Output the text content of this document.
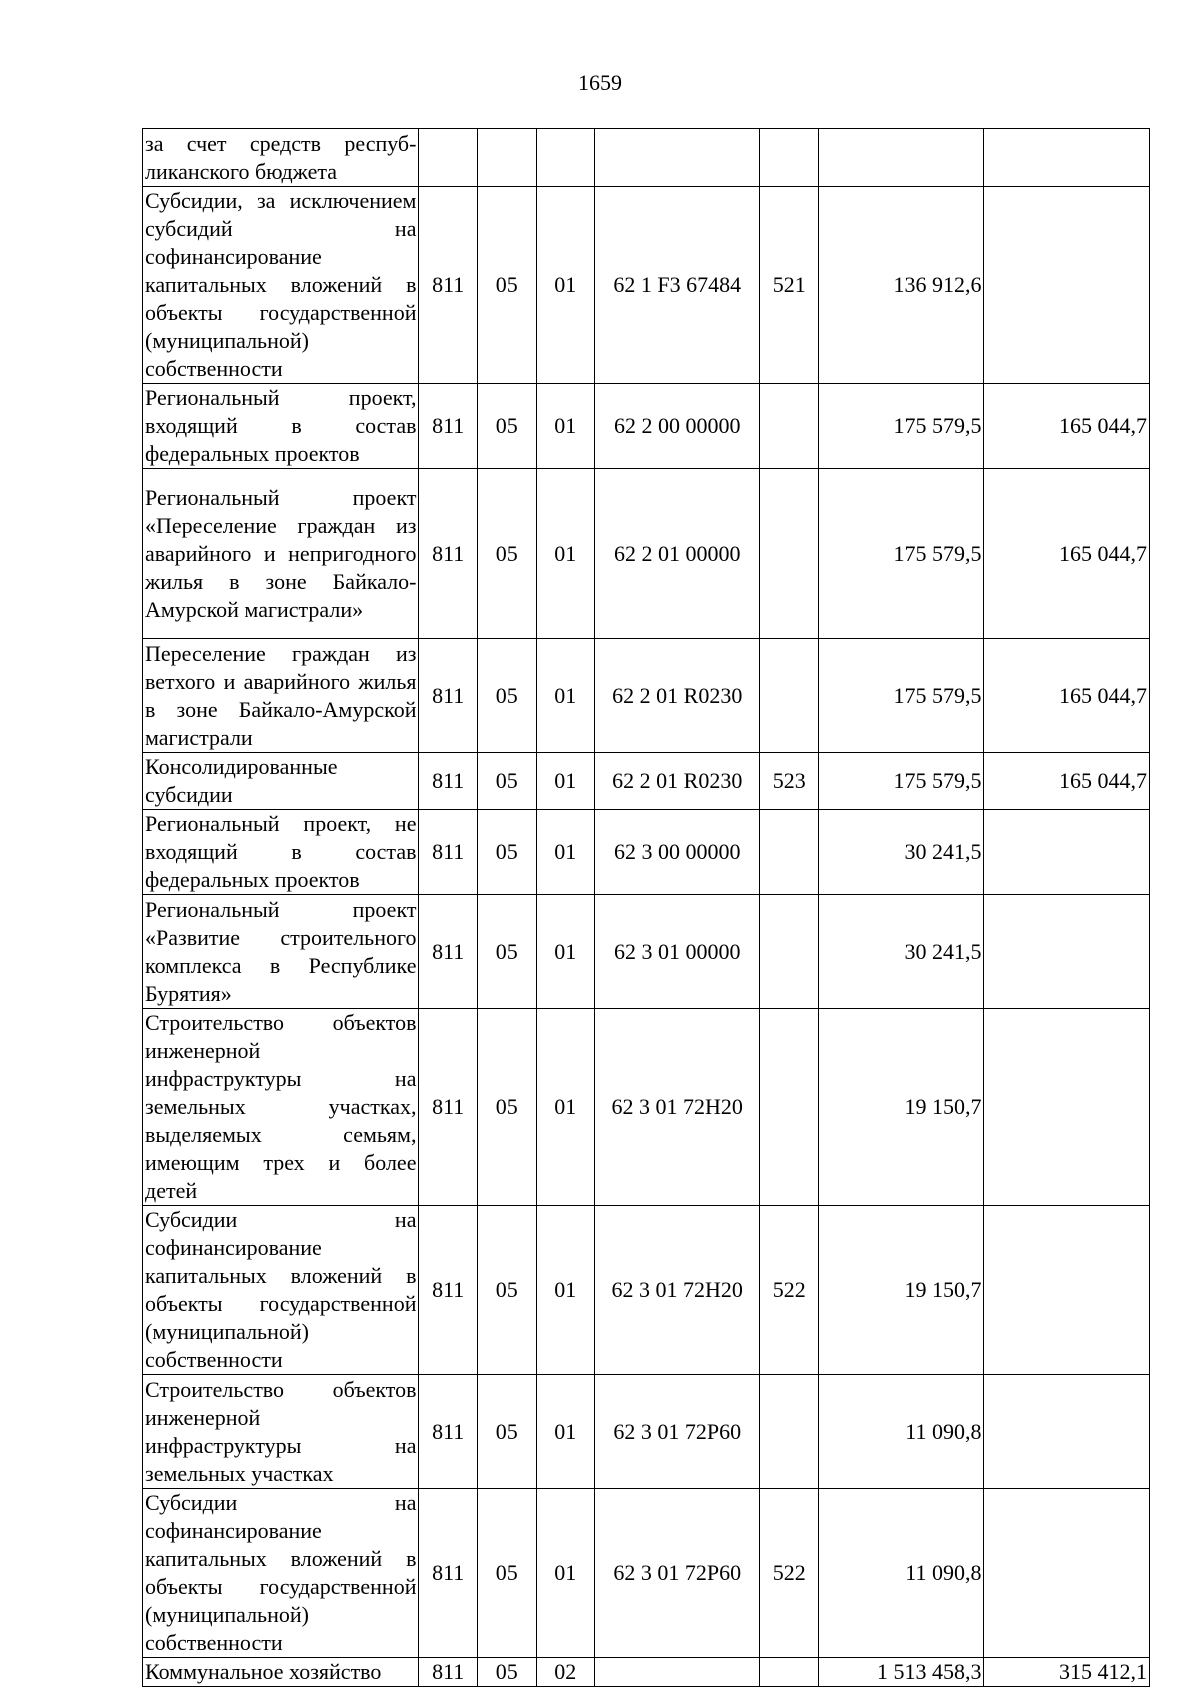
1659
за счет средств респуб-ликанского бюджета							
Субсидии, за исключением субсидий на софинансирование капитальных вложений в объекты государственной (муниципальной) собственности	811	05	01	62 1 F3 67484	521	136 912,6	
Региональный проект, входящий в состав федеральных проектов	811	05	01	62 2 00 00000		175 579,5	165 044,7
Региональный проект «Переселение граждан из аварийного и непригодного жилья в зоне Байкало-Амурской магистрали»	811	05	01	62 2 01 00000		175 579,5	165 044,7
Переселение граждан из ветхого и аварийного жилья в зоне Байкало-Амурской магистрали	811	05	01	62 2 01 R0230		175 579,5	165 044,7
Консолидированные субсидии	811	05	01	62 2 01 R0230	523	175 579,5	165 044,7
Региональный проект, не входящий в состав федеральных проектов	811	05	01	62 3 00 00000		30 241,5	
Региональный проект «Развитие строительного комплекса в Республике Бурятия»	811	05	01	62 3 01 00000		30 241,5	
Строительство объектов инженерной инфраструктуры на земельных участках, выделяемых семьям, имеющим трех и более детей	811	05	01	62 3 01 72Н20		19 150,7	
Субсидии на софинансирование капитальных вложений в объекты государственной (муниципальной) собственности	811	05	01	62 3 01 72Н20	522	19 150,7	
Строительство объектов инженерной инфраструктуры на земельных участках	811	05	01	62 3 01 72Р60		11 090,8	
Субсидии на софинансирование капитальных вложений в объекты государственной (муниципальной) собственности	811	05	01	62 3 01 72Р60	522	11 090,8	
Коммунальное хозяйство	811	05	02			1 513 458,3	315 412,1
